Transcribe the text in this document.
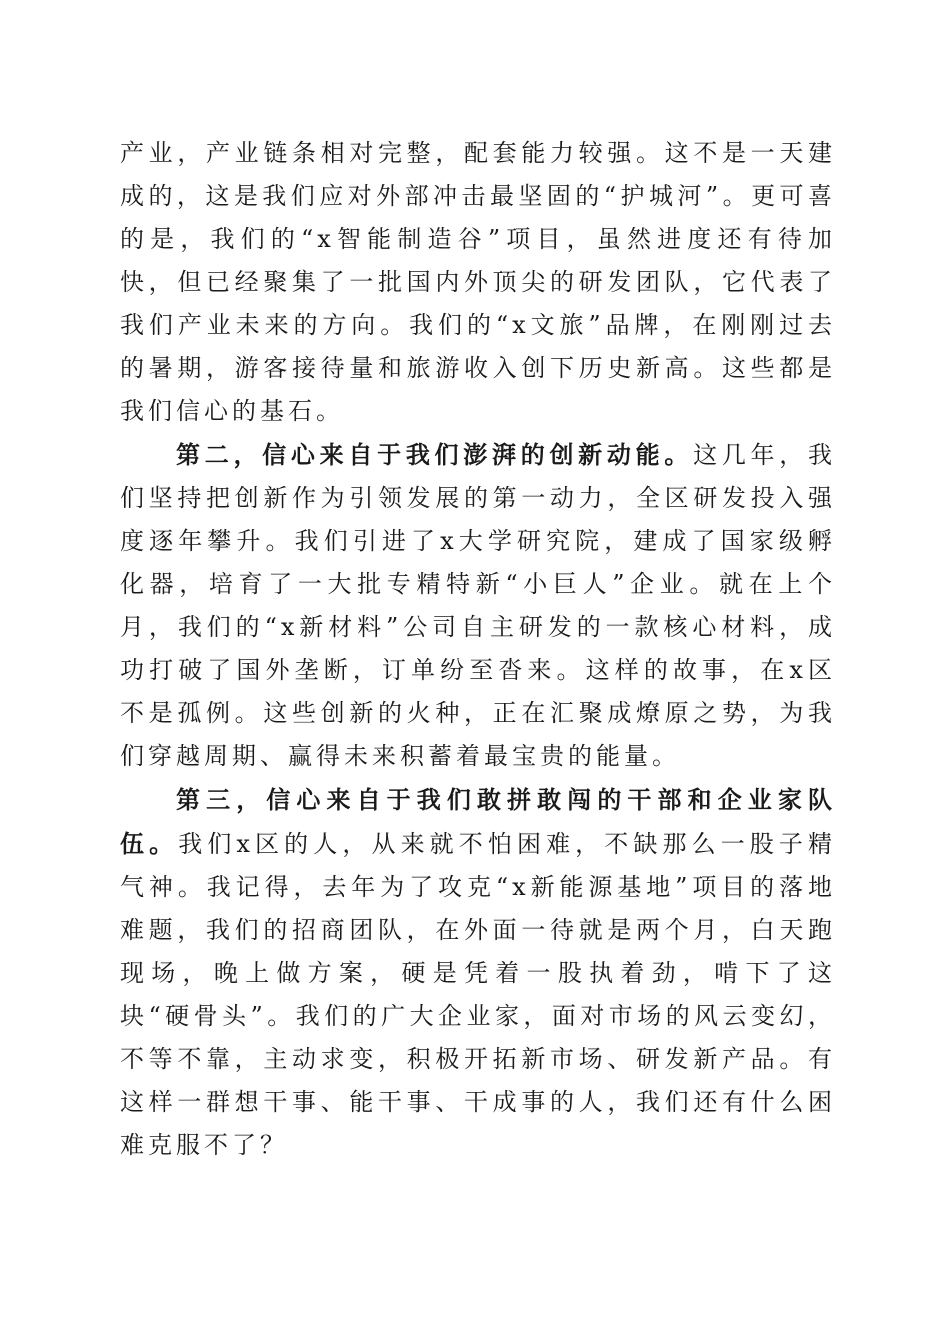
产业，产业链条相对完整，配套能力较强。这不是一天建成的，这是我们应对外部冲击最坚固的“护城河”。更可喜的是，我们的“x智能制造谷”项目，虽然进度还有待加快，但已经聚集了一批国内外顶尖的研发团队，它代表了我们产业未来的方向。我们的“x文旅”品牌，在刚刚过去的暑期，游客接待量和旅游收入创下历史新高。这些都是我们信心的基石。

第二，信心来自于我们澎湃的创新动能。这几年，我们坚持把创新作为引领发展的第一动力，全区研发投入强度逐年攀升。我们引进了x大学研究院，建成了国家级孵化器，培育了一大批专精特新“小巨人”企业。就在上个月，我们的“x新材料”公司自主研发的一款核心材料，成功打破了国外垄断，订单纷至沓来。这样的故事，在x区不是孤例。这些创新的火种，正在汇聚成燎原之势，为我们穿越周期、赢得未来积蓄着最宝贵的能量。

第三，信心来自于我们敢拼敢闯的干部和企业家队伍。我们x区的人，从来就不怕困难，不缺那么一股子精气神。我记得，去年为了攻克“x新能源基地”项目的落地难题，我们的招商团队，在外面一待就是两个月，白天跑现场，晚上做方案，硬是凭着一股执着劲，啃下了这块“硬骨头”。我们的广大企业家，面对市场的风云变幻，不等不靠，主动求变，积极开拓新市场、研发新产品。有这样一群想干事、能干事、干成事的人，我们还有什么困难克服不了？
